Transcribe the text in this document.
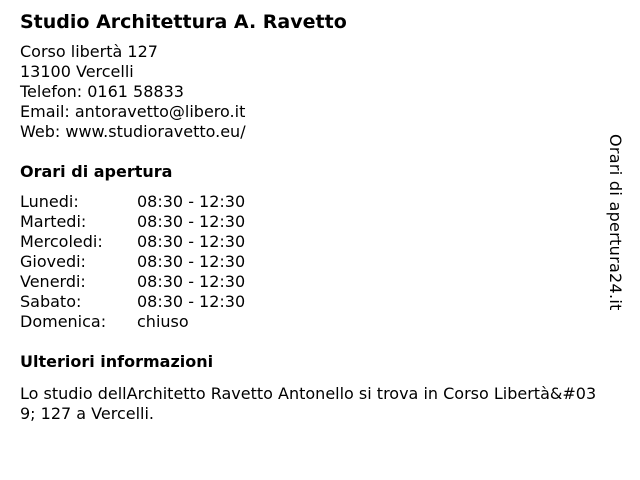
Studio Architettura A. Ravetto
Corso libertà 127
13100 Vercelli
Telefon: 0161 58833
Email: antoravetto@libero.it
Web: www.studioravetto.eu/
Orari di apertura
Lunedi:	08:30 - 12:30
Martedi:	08:30 - 12:30
Mercoledi:	08:30 - 12:30
Giovedi:	08:30 - 12:30
Venerdi:	08:30 - 12:30
Sabato:	08:30 - 12:30
Domenica:	chiuso
Ulteriori informazioni
Lo studio dellArchitetto Ravetto Antonello si trova in Corso Libertà&#039; 127 a Vercelli.
Orari di apertura24.it
